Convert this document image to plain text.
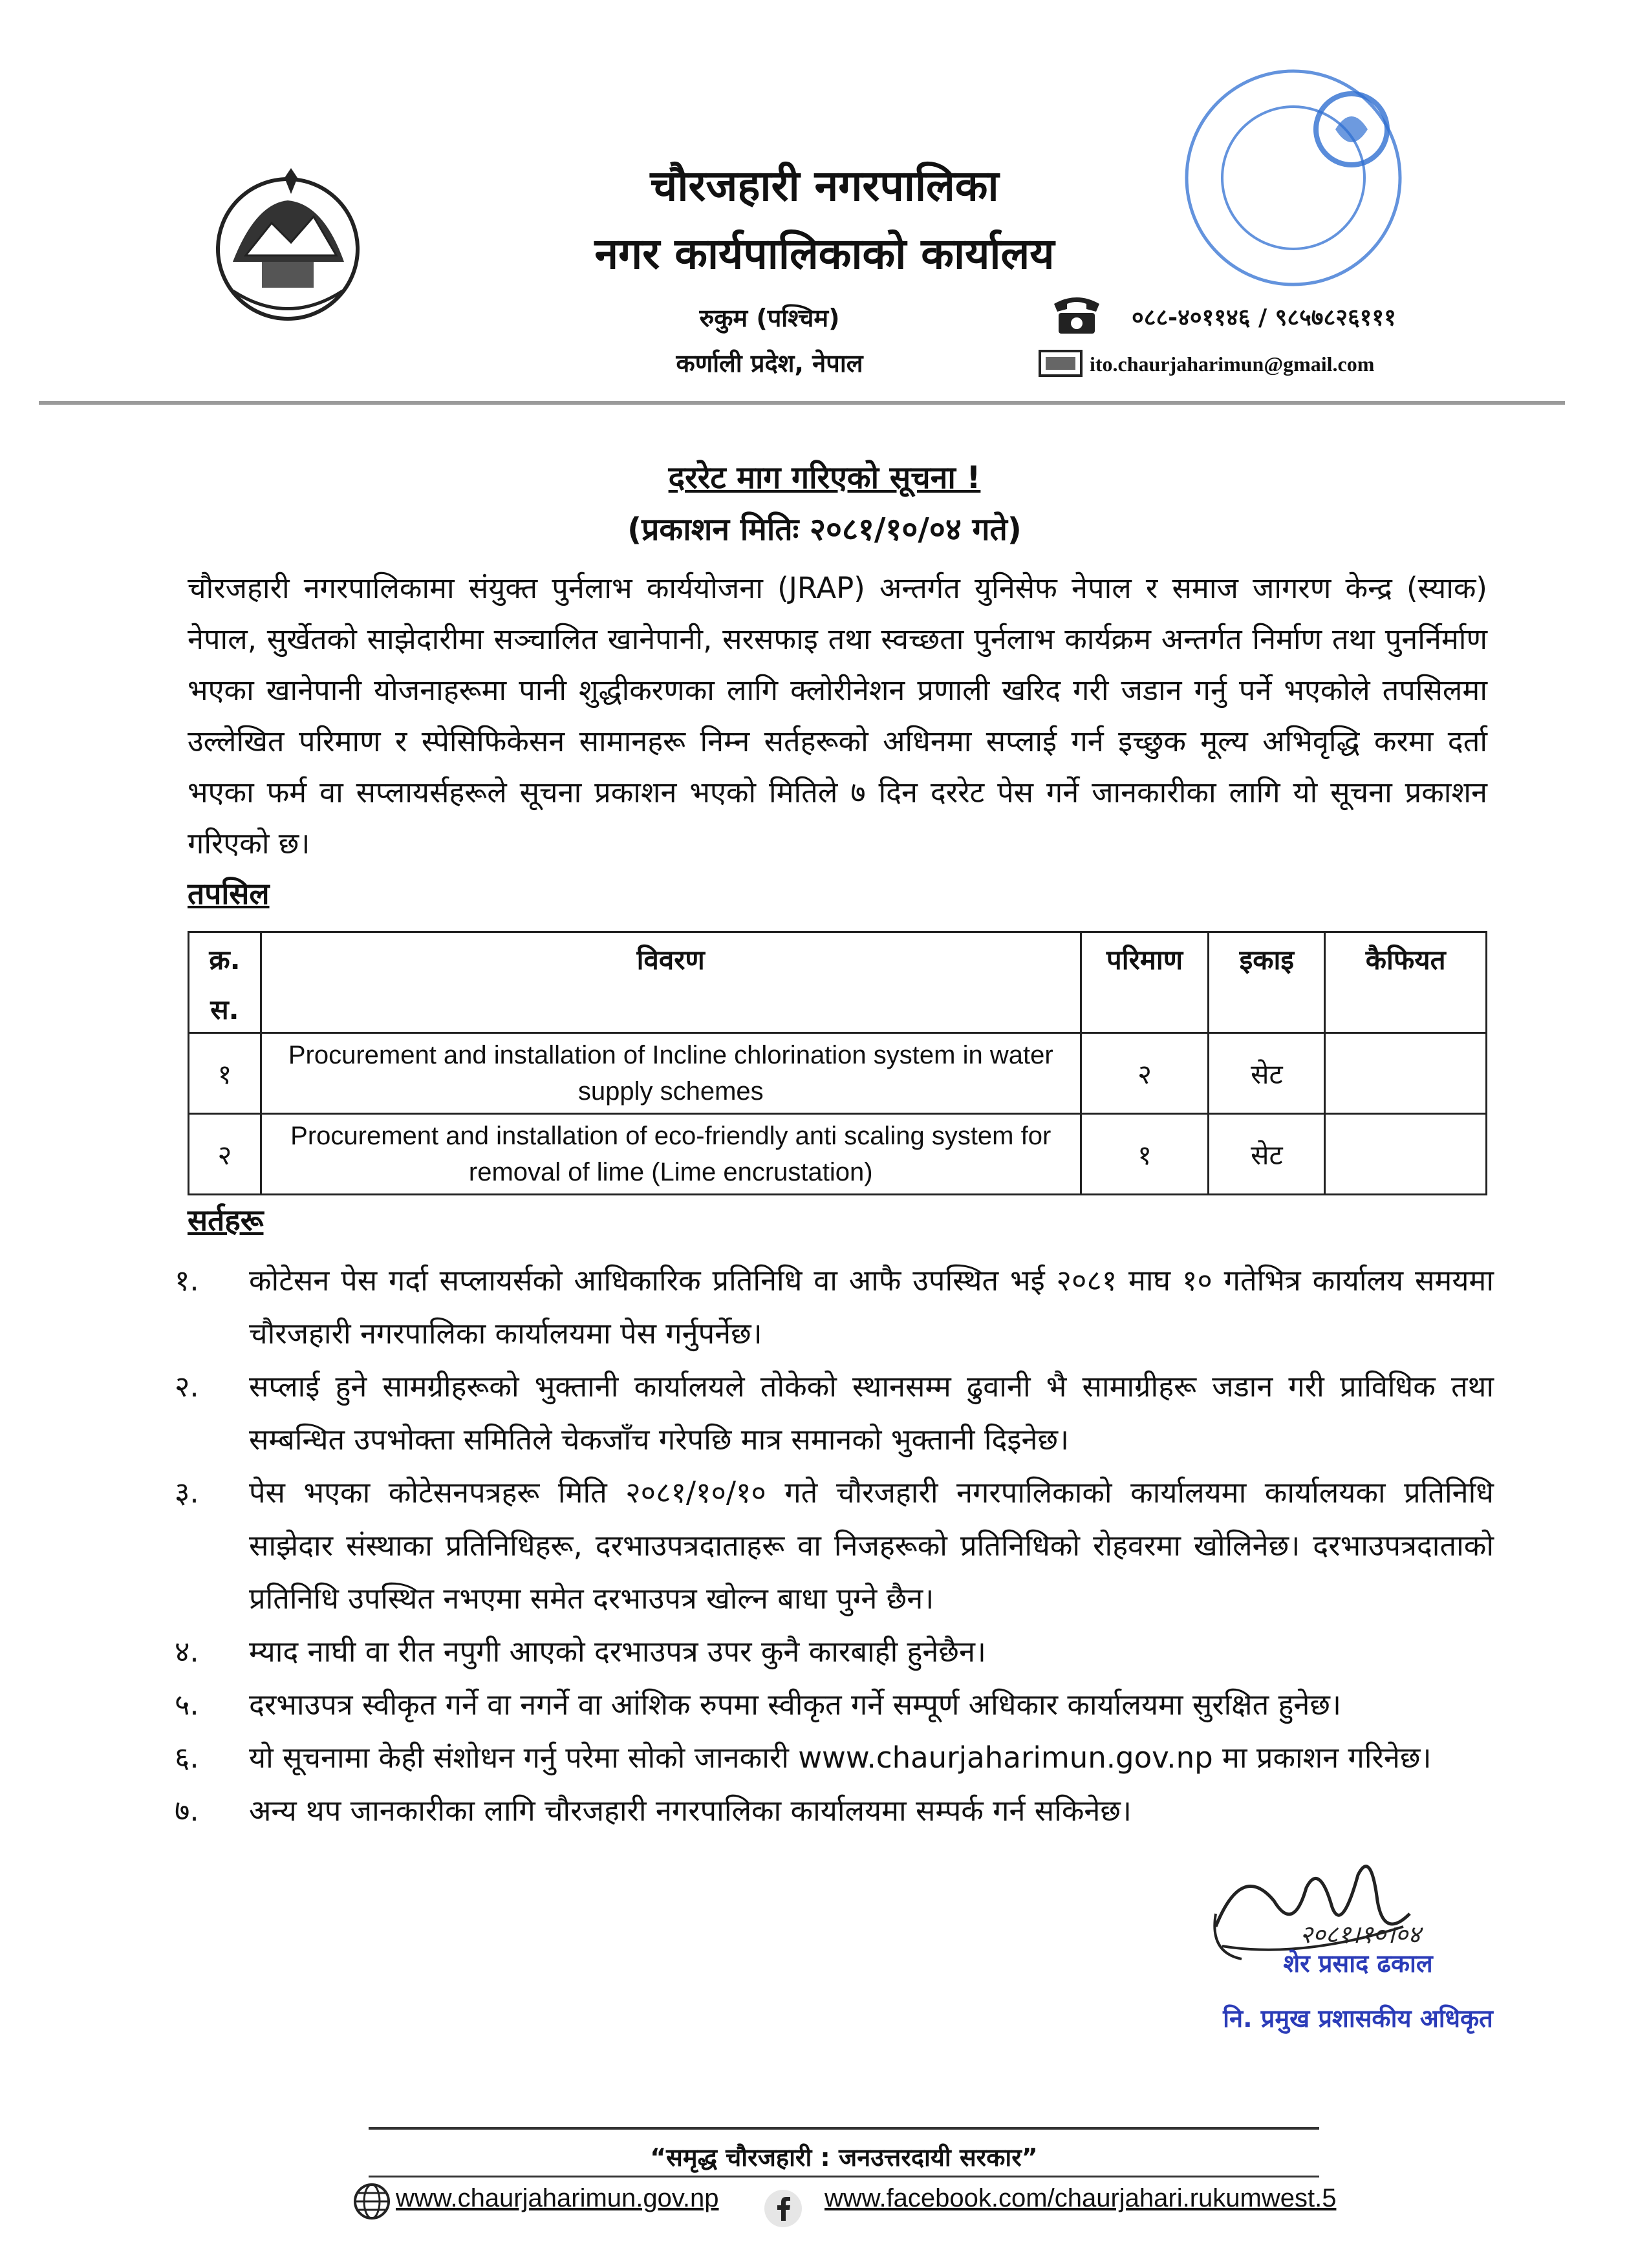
चौरजहारी नगरपालिका
नगर कार्यपालिकाको कार्यालय
रुकुम (पश्चिम)
कर्णाली प्रदेश, नेपाल
०८८-४०११४६ / ९८५७८२६१११
ito.chaurjaharimun@gmail.com
दररेट माग गरिएको सूचना !
(प्रकाशन मितिः २०८१/१०/०४ गते)
चौरजहारी नगरपालिकामा संयुक्त पुर्नलाभ कार्ययोजना (JRAP) अन्तर्गत युनिसेफ नेपाल र समाज जागरण केन्द्र (स्याक) नेपाल, सुर्खेतको साझेदारीमा सञ्चालित खानेपानी, सरसफाइ तथा स्वच्छता पुर्नलाभ कार्यक्रम अन्तर्गत निर्माण तथा पुनर्निर्माण भएका खानेपानी योजनाहरूमा पानी शुद्धीकरणका लागि क्लोरीनेशन प्रणाली खरिद गरी जडान गर्नु पर्ने भएकोले तपसिलमा उल्लेखित परिमाण र स्पेसिफिकेसन सामानहरू निम्न सर्तहरूको अधिनमा सप्लाई गर्न इच्छुक मूल्य अभिवृद्धि करमा दर्ता भएका फर्म वा सप्लायर्सहरूले सूचना प्रकाशन भएको मितिले ७ दिन दररेट पेस गर्ने जानकारीका लागि यो सूचना प्रकाशन गरिएको छ।
तपसिल
क्र.
स.	विवरण	परिमाण	इकाइ	कैफियत
१	Procurement and installation of Incline chlorination system in water supply schemes	२	सेट	
२	Procurement and installation of eco-friendly anti scaling system for removal of lime (Lime encrustation)	१	सेट	
सर्तहरू
१. कोटेसन पेस गर्दा सप्लायर्सको आधिकारिक प्रतिनिधि वा आफै उपस्थित भई २०८१ माघ १० गतेभित्र कार्यालय समयमा चौरजहारी नगरपालिका कार्यालयमा पेस गर्नुपर्नेछ।
२. सप्लाई हुने सामग्रीहरूको भुक्तानी कार्यालयले तोकेको स्थानसम्म ढुवानी भै सामाग्रीहरू जडान गरी प्राविधिक तथा सम्बन्धित उपभोक्ता समितिले चेकजाँच गरेपछि मात्र समानको भुक्तानी दिइनेछ।
३. पेस भएका कोटेसनपत्रहरू मिति २०८१/१०/१० गते चौरजहारी नगरपालिकाको कार्यालयमा कार्यालयका प्रतिनिधि साझेदार संस्थाका प्रतिनिधिहरू, दरभाउपत्रदाताहरू वा निजहरूको प्रतिनिधिको रोहवरमा खोलिनेछ। दरभाउपत्रदाताको प्रतिनिधि उपस्थित नभएमा समेत दरभाउपत्र खोल्न बाधा पुग्ने छैन।
४. म्याद नाघी वा रीत नपुगी आएको दरभाउपत्र उपर कुनै कारबाही हुनेछैन।
५. दरभाउपत्र स्वीकृत गर्ने वा नगर्ने वा आंशिक रुपमा स्वीकृत गर्ने सम्पूर्ण अधिकार कार्यालयमा सुरक्षित हुनेछ।
६. यो सूचनामा केही संशोधन गर्नु परेमा सोको जानकारी www.chaurjaharimun.gov.np मा प्रकाशन गरिनेछ।
७. अन्य थप जानकारीका लागि चौरजहारी नगरपालिका कार्यालयमा सम्पर्क गर्न सकिनेछ।
२०८१।१०।०४
शेर प्रसाद ढकाल
नि. प्रमुख प्रशासकीय अधिकृत
“समृद्ध चौरजहारी : जनउत्तरदायी सरकार”
www.chaurjaharimun.gov.np	www.facebook.com/chaurjahari.rukumwest.5
